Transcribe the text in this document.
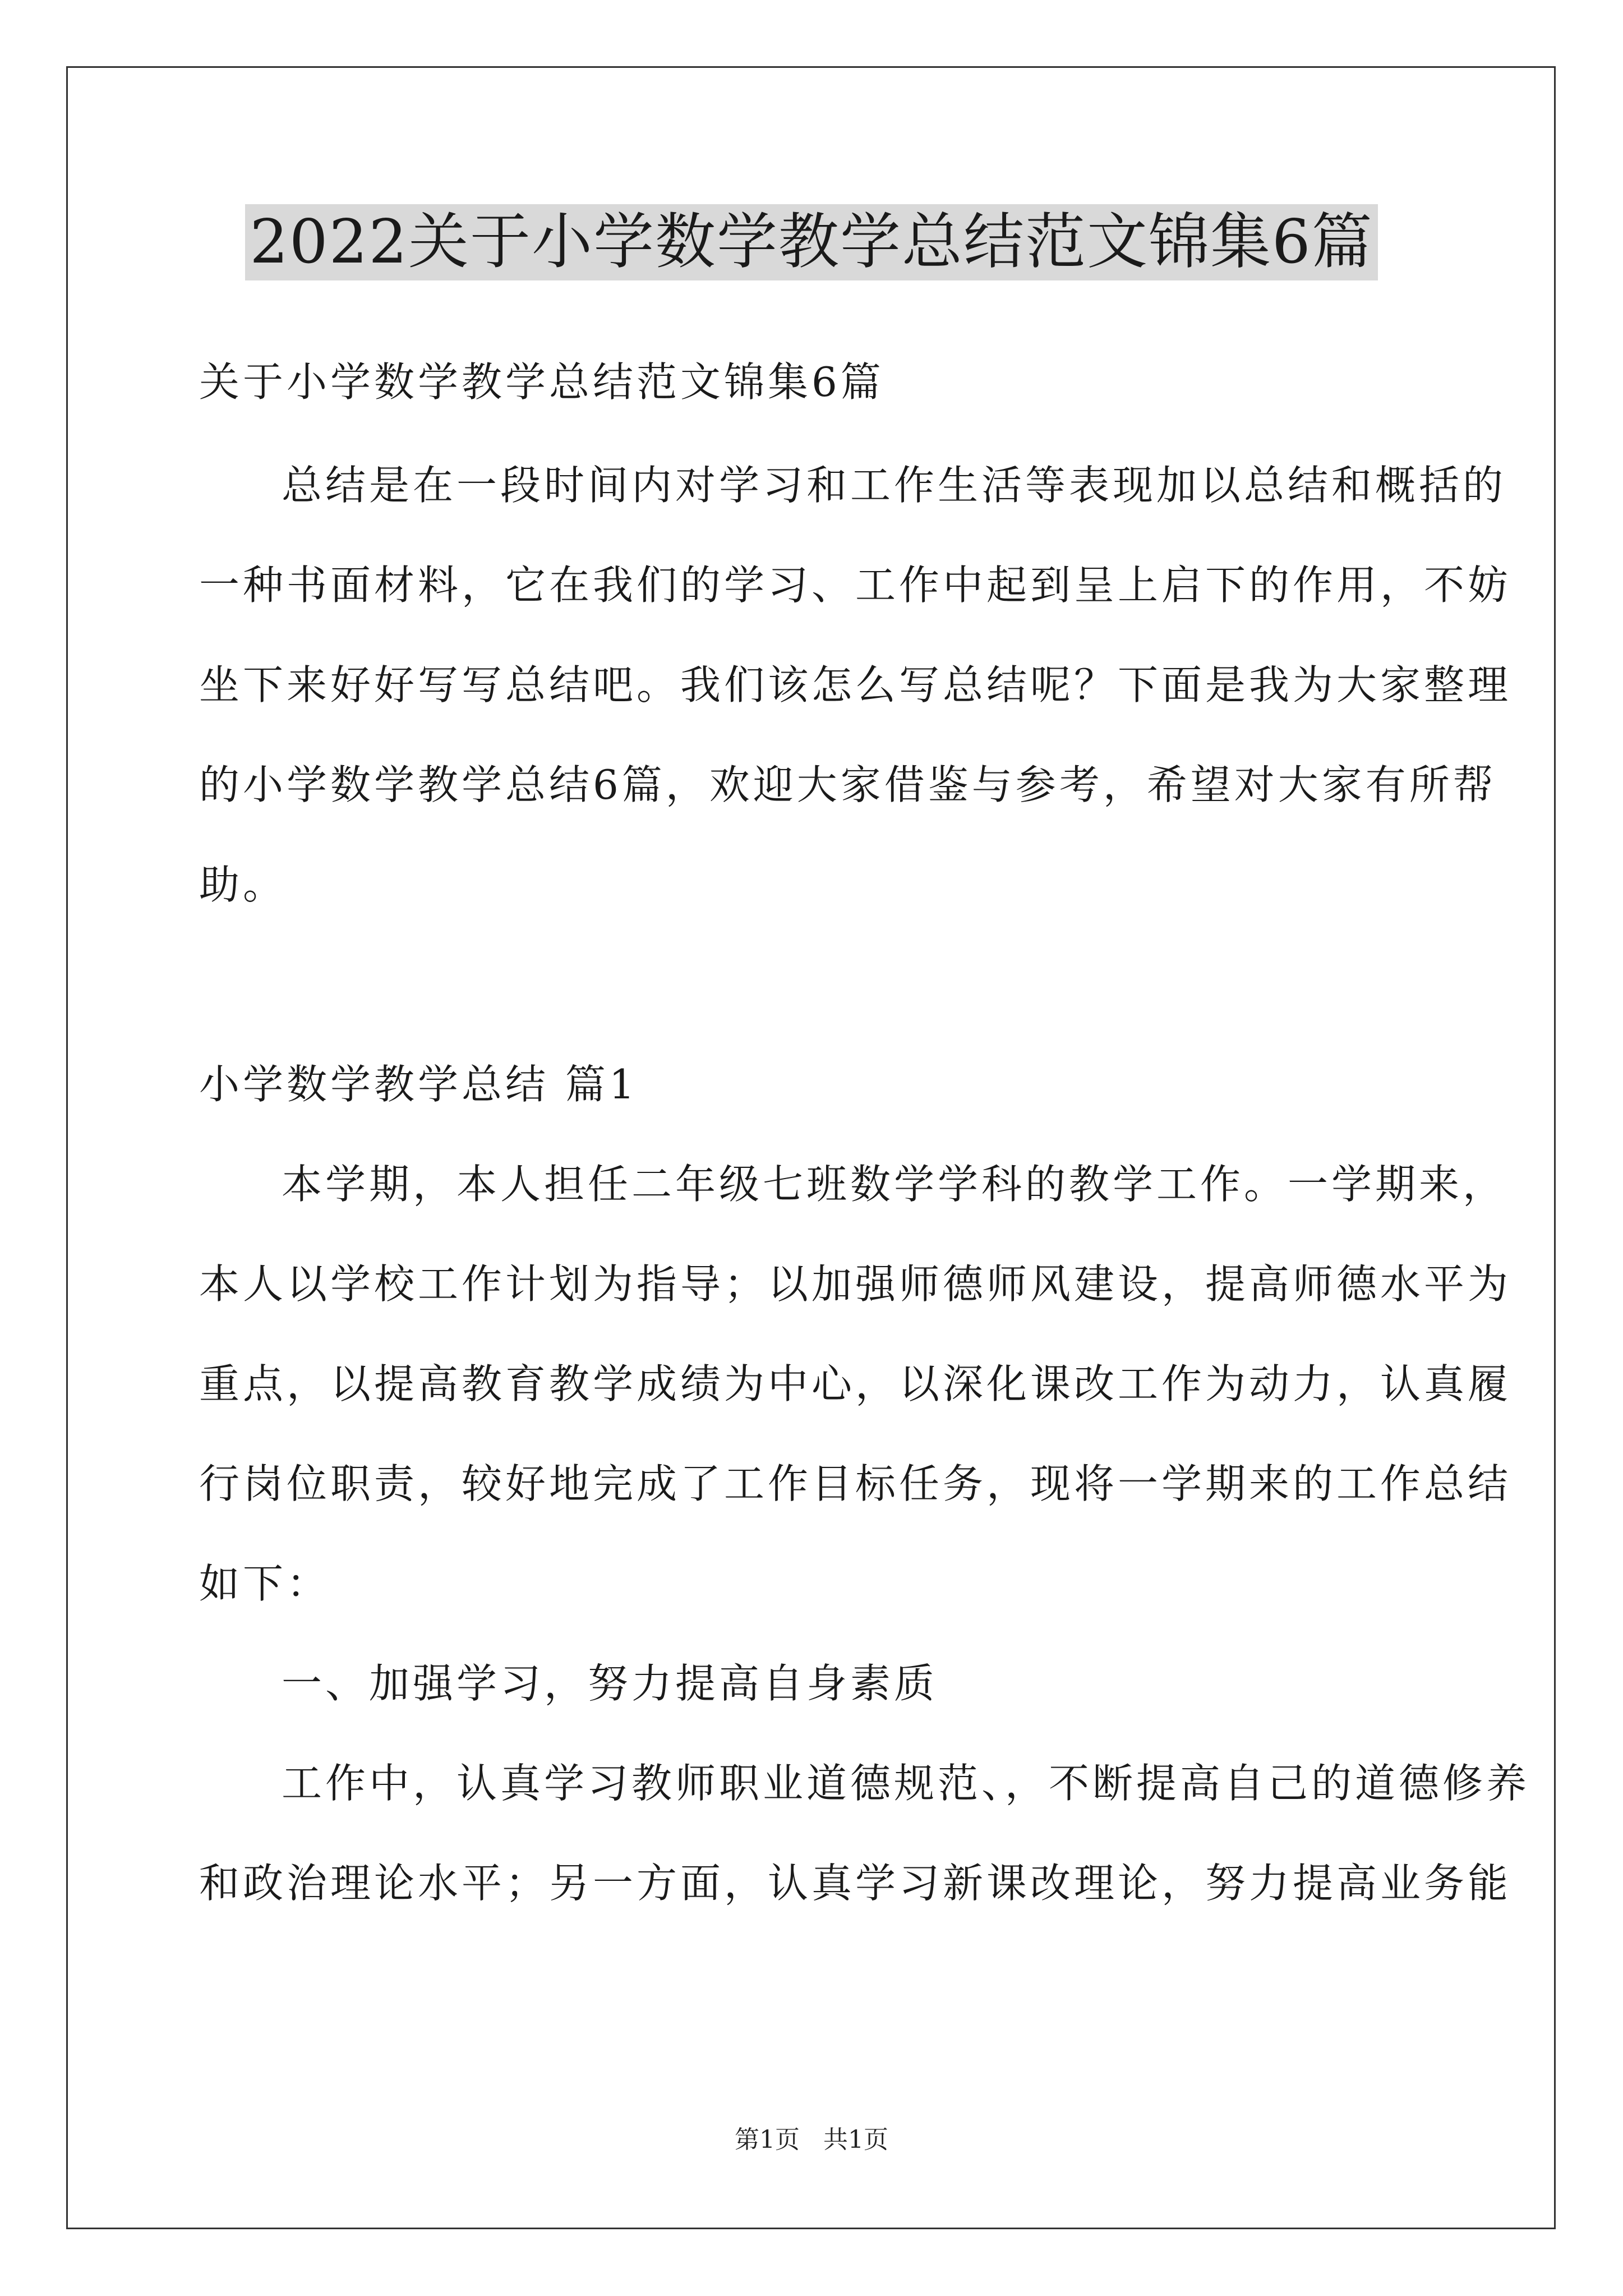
2022关于小学数学教学总结范文锦集6篇
关于小学数学教学总结范文锦集6篇
总结是在一段时间内对学习和工作生活等表现加以总结和概括的
一种书面材料，它在我们的学习、工作中起到呈上启下的作用，不妨
坐下来好好写写总结吧。我们该怎么写总结呢？下面是我为大家整理
的小学数学教学总结6篇，欢迎大家借鉴与参考，希望对大家有所帮
助。
小学数学教学总结 篇1
本学期，本人担任二年级七班数学学科的教学工作。一学期来，
本人以学校工作计划为指导；以加强师德师风建设，提高师德水平为
重点，以提高教育教学成绩为中心，以深化课改工作为动力，认真履
行岗位职责，较好地完成了工作目标任务，现将一学期来的工作总结
如下：
一、加强学习，努力提高自身素质
工作中，认真学习教师职业道德规范、，不断提高自己的道德修养
和政治理论水平；另一方面，认真学习新课改理论，努力提高业务能
第1页 共1页
